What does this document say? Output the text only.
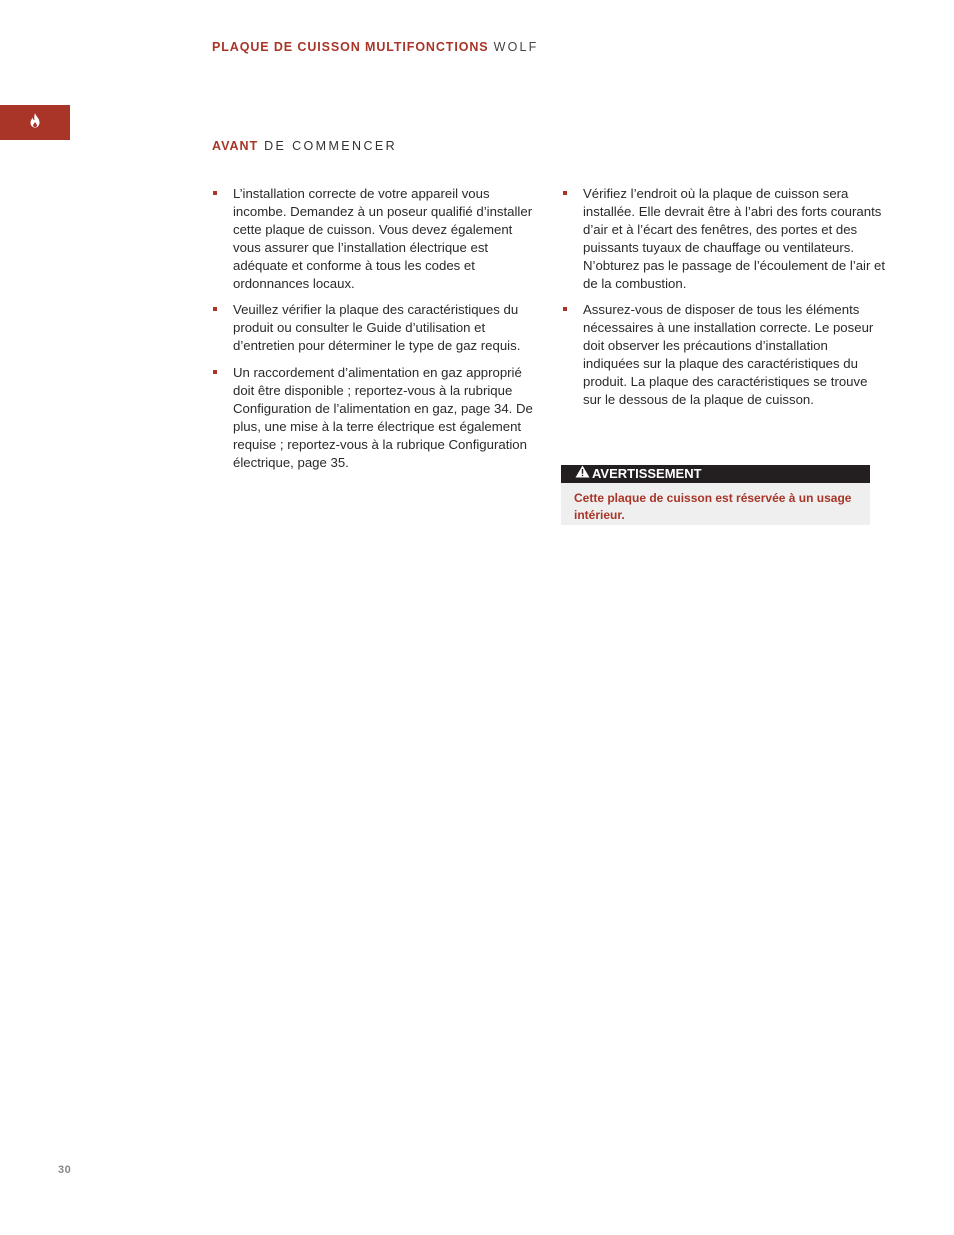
PLAQUE DE CUISSON MULTIFONCTIONS WOLF
AVANT DE COMMENCER

L’installation correcte de votre appareil vous incombe. Demandez à un poseur qualifié d’installer cette plaque de cuisson. Vous devez également vous assurer que l’installation électrique est adéquate et conforme à tous les codes et ordonnances locaux.

Veuillez vérifier la plaque des caractéristiques du produit ou consulter le Guide d’utilisation et d’entretien pour déterminer le type de gaz requis.

Un raccordement d’alimentation en gaz approprié doit être disponible ; reportez-vous à la rubrique Configuration de l’alimentation en gaz, page 34. De plus, une mise à la terre électrique est également requise ; reportez-vous à la rubrique Configuration électrique, page 35.

Vérifiez l’endroit où la plaque de cuisson sera installée. Elle devrait être à l’abri des forts courants d’air et à l’écart des fenêtres, des portes et des puissants tuyaux de chauffage ou ventilateurs. N’obturez pas le passage de l’écoulement de l’air et de la combustion.

Assurez-vous de disposer de tous les éléments nécessaires à une installation correcte. Le poseur doit observer les précautions d’installation indiquées sur la plaque des caractéristiques du produit. La plaque des caractéristiques se trouve sur le dessous de la plaque de cuisson.

AVERTISSEMENT
Cette plaque de cuisson est réservée à un usage intérieur.
30
